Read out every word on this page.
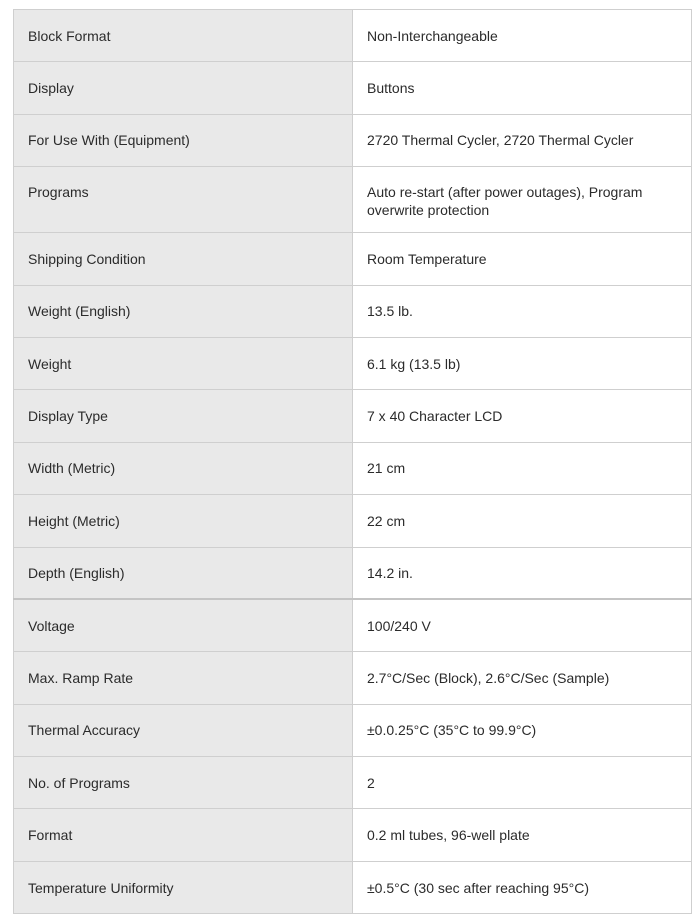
Block Format	Non-Interchangeable
Display	Buttons
For Use With (Equipment)	2720 Thermal Cycler, 2720 Thermal Cycler
Programs	Auto re-start (after power outages), Program overwrite protection
Shipping Condition	Room Temperature
Weight (English)	13.5 lb.
Weight	6.1 kg (13.5 lb)
Display Type	7 x 40 Character LCD
Width (Metric)	21 cm
Height (Metric)	22 cm
Depth (English)	14.2 in.
Voltage	100/240 V
Max. Ramp Rate	2.7°C/Sec (Block), 2.6°C/Sec (Sample)
Thermal Accuracy	±0.0.25°C (35°C to 99.9°C)
No. of Programs	2
Format	0.2 ml tubes, 96-well plate
Temperature Uniformity	±0.5°C (30 sec after reaching 95°C)
